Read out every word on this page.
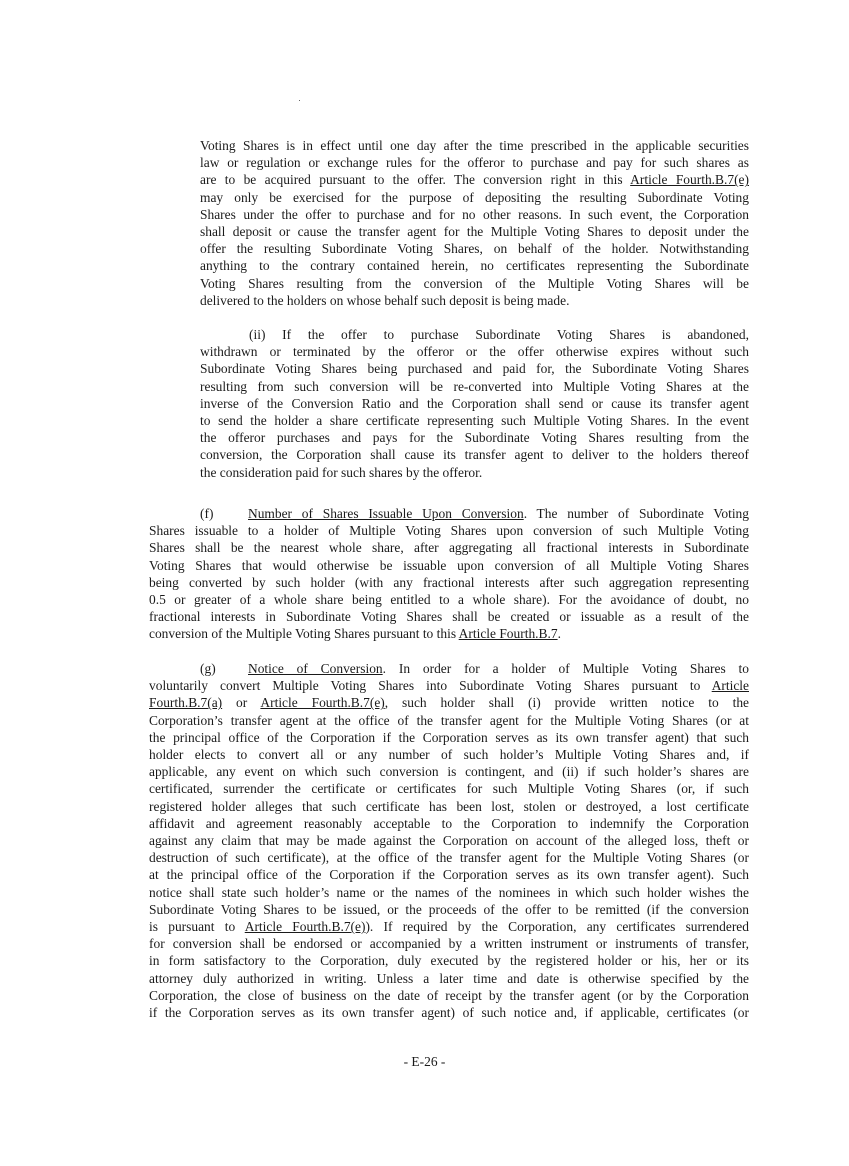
Voting Shares is in effect until one day after the time prescribed in the applicable securities
law or regulation or exchange rules for the offeror to purchase and pay for such shares as
are to be acquired pursuant to the offer. The conversion right in this Article Fourth.B.7(e)
may only be exercised for the purpose of depositing the resulting Subordinate Voting
Shares under the offer to purchase and for no other reasons. In such event, the Corporation
shall deposit or cause the transfer agent for the Multiple Voting Shares to deposit under the
offer the resulting Subordinate Voting Shares, on behalf of the holder. Notwithstanding
anything to the contrary contained herein, no certificates representing the Subordinate
Voting Shares resulting from the conversion of the Multiple Voting Shares will be
delivered to the holders on whose behalf such deposit is being made.
(ii) If the offer to purchase Subordinate Voting Shares is abandoned,
withdrawn or terminated by the offeror or the offer otherwise expires without such
Subordinate Voting Shares being purchased and paid for, the Subordinate Voting Shares
resulting from such conversion will be re-converted into Multiple Voting Shares at the
inverse of the Conversion Ratio and the Corporation shall send or cause its transfer agent
to send the holder a share certificate representing such Multiple Voting Shares. In the event
the offeror purchases and pays for the Subordinate Voting Shares resulting from the
conversion, the Corporation shall cause its transfer agent to deliver to the holders thereof
the consideration paid for such shares by the offeror.
(f)	Number of Shares Issuable Upon Conversion. The number of Subordinate Voting
Shares issuable to a holder of Multiple Voting Shares upon conversion of such Multiple Voting
Shares shall be the nearest whole share, after aggregating all fractional interests in Subordinate
Voting Shares that would otherwise be issuable upon conversion of all Multiple Voting Shares
being converted by such holder (with any fractional interests after such aggregation representing
0.5 or greater of a whole share being entitled to a whole share). For the avoidance of doubt, no
fractional interests in Subordinate Voting Shares shall be created or issuable as a result of the
conversion of the Multiple Voting Shares pursuant to this Article Fourth.B.7.
(g) Notice of Conversion. In order for a holder of Multiple Voting Shares to
voluntarily convert Multiple Voting Shares into Subordinate Voting Shares pursuant to Article
Fourth.B.7(a) or Article Fourth.B.7(e), such holder shall (i) provide written notice to the
Corporation’s transfer agent at the office of the transfer agent for the Multiple Voting Shares (or at
the principal office of the Corporation if the Corporation serves as its own transfer agent) that such
holder elects to convert all or any number of such holder’s Multiple Voting Shares and, if
applicable, any event on which such conversion is contingent, and (ii) if such holder’s shares are
certificated, surrender the certificate or certificates for such Multiple Voting Shares (or, if such
registered holder alleges that such certificate has been lost, stolen or destroyed, a lost certificate
affidavit and agreement reasonably acceptable to the Corporation to indemnify the Corporation
against any claim that may be made against the Corporation on account of the alleged loss, theft or
destruction of such certificate), at the office of the transfer agent for the Multiple Voting Shares (or
at the principal office of the Corporation if the Corporation serves as its own transfer agent). Such
notice shall state such holder’s name or the names of the nominees in which such holder wishes the
Subordinate Voting Shares to be issued, or the proceeds of the offer to be remitted (if the conversion
is pursuant to Article Fourth.B.7(e)). If required by the Corporation, any certificates surrendered
for conversion shall be endorsed or accompanied by a written instrument or instruments of transfer,
in form satisfactory to the Corporation, duly executed by the registered holder or his, her or its
attorney duly authorized in writing. Unless a later time and date is otherwise specified by the
Corporation, the close of business on the date of receipt by the transfer agent (or by the Corporation
if the Corporation serves as its own transfer agent) of such notice and, if applicable, certificates (or
- E-26 -
